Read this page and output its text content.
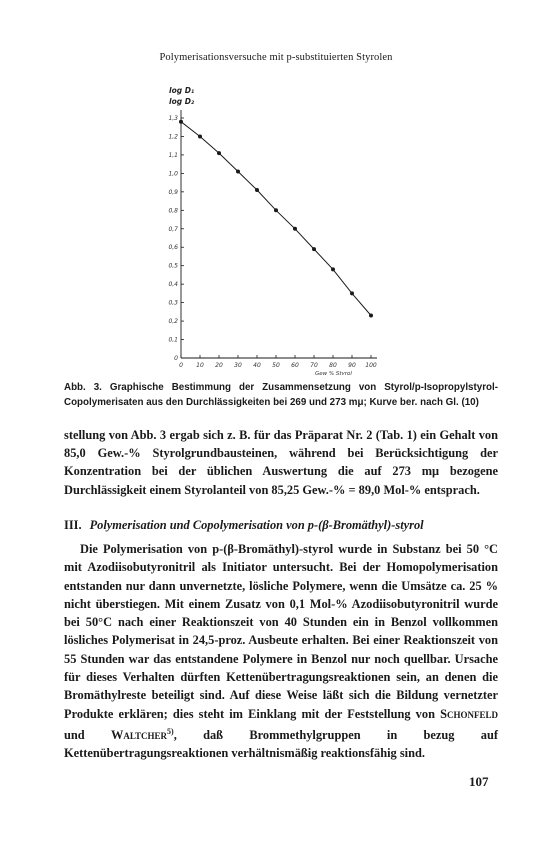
Polymerisationsversuche mit p-substituierten Styrolen
log D₁
log D₂
0
0,1
0,2
0,3
0,4
0,5
0,6
0,7
0,8
0,9
1,0
1,1
1,2
1,3
0 10 20 30 40 50 60 70 80 90 100
Gew % Styrol
Abb. 3. Graphische Bestimmung der Zusammensetzung von Styrol/p-Isopropylstyrol-Copolymerisaten aus den Durchlässigkeiten bei 269 und 273 mμ; Kurve ber. nach Gl. (10)

stellung von Abb. 3 ergab sich z. B. für das Präparat Nr. 2 (Tab. 1) ein Gehalt von 85,0 Gew.-% Styrolgrundbausteinen, während bei Berücksichtigung der Konzentration bei der üblichen Auswertung die auf 273 mμ bezogene Durchlässigkeit einem Styrolanteil von 85,25 Gew.-% = 89,0 Mol-% entsprach.

III. Polymerisation und Copolymerisation von p-(β-Bromäthyl)-styrol

Die Polymerisation von p-(β-Bromäthyl)-styrol wurde in Substanz bei 50 °C mit Azodiisobutyronitril als Initiator untersucht. Bei der Homopolymerisation entstanden nur dann unvernetzte, lösliche Polymere, wenn die Umsätze ca. 25 % nicht überstiegen. Mit einem Zusatz von 0,1 Mol-% Azodiisobutyronitril wurde bei 50°C nach einer Reaktionszeit von 40 Stunden ein in Benzol vollkommen lösliches Polymerisat in 24,5-proz. Ausbeute erhalten. Bei einer Reaktionszeit von 55 Stunden war das entstandene Polymere in Benzol nur noch quellbar. Ursache für dieses Verhalten dürften Kettenübertragungsreaktionen sein, an denen die Bromäthylreste beteiligt sind. Auf diese Weise läßt sich die Bildung vernetzter Produkte erklären; dies steht im Einklang mit der Feststellung von Schonfeld und Waltcher$^{5)}$, daß Brommethylgruppen in bezug auf Kettenübertragungsreaktionen verhältnismäßig reaktionsfähig sind.

107
